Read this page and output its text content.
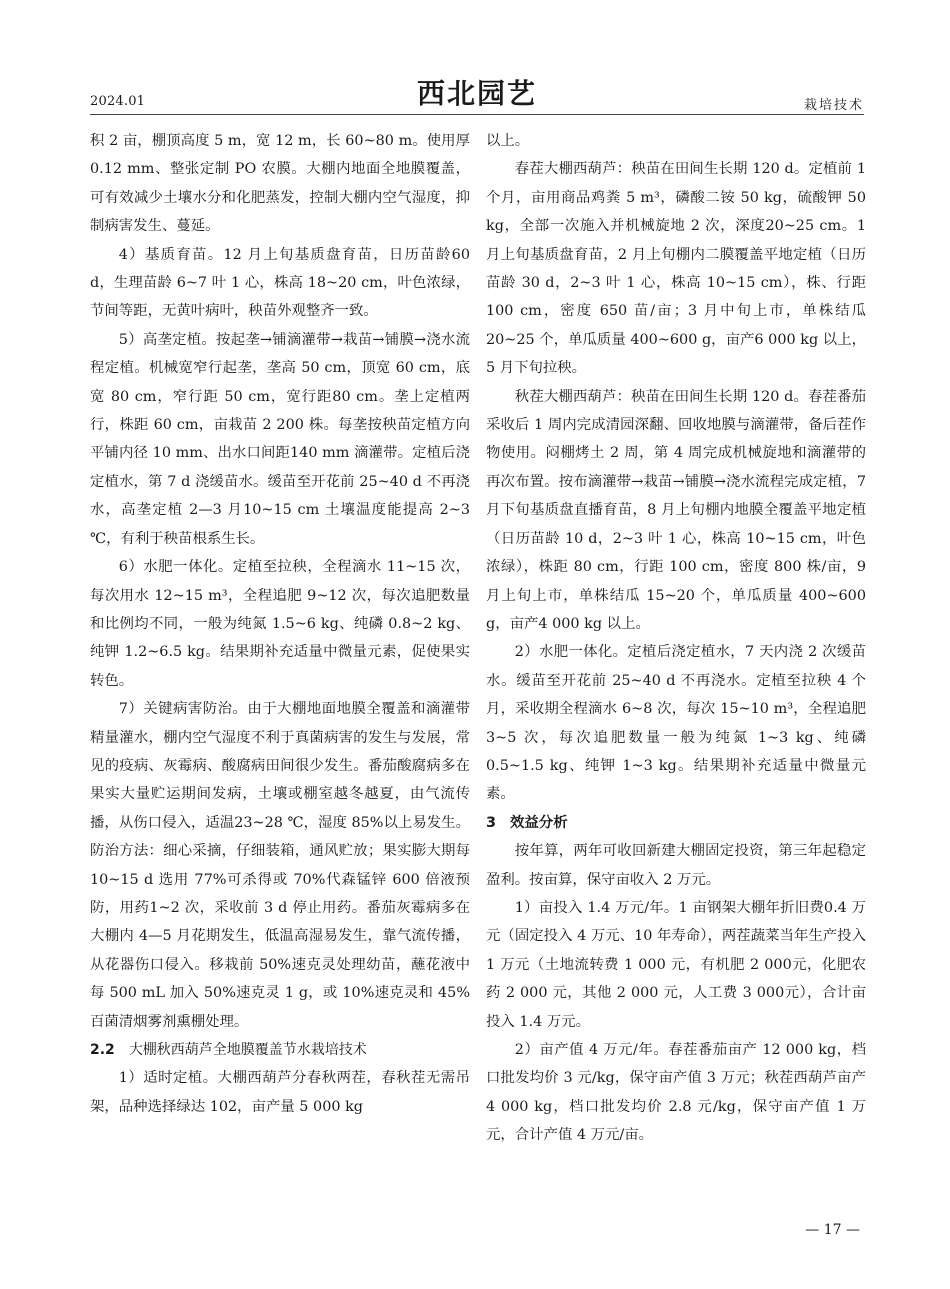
2024.01	西北园艺	栽培技术

积 2 亩，棚顶高度 5 m，宽 12 m，长 60~80 m。使用厚 0.12 mm、整张定制 PO 农膜。大棚内地面全地膜覆盖，可有效减少土壤水分和化肥蒸发，控制大棚内空气湿度，抑制病害发生、蔓延。

4）基质育苗。12 月上旬基质盘育苗，日历苗龄60 d，生理苗龄 6~7 叶 1 心，株高 18~20 cm，叶色浓绿，节间等距，无黄叶病叶，秧苗外观整齐一致。

5）高垄定植。按起垄→铺滴灌带→栽苗→铺膜→浇水流程定植。机械宽窄行起垄，垄高 50 cm，顶宽 60 cm，底宽 80 cm，窄行距 50 cm，宽行距80 cm。垄上定植两行，株距 60 cm，亩栽苗 2 200 株。每垄按秧苗定植方向平铺内径 10 mm、出水口间距140 mm 滴灌带。定植后浇定植水，第 7 d 浇缓苗水。缓苗至开花前 25~40 d 不再浇水，高垄定植 2—3 月10~15 cm 土壤温度能提高 2~3 ℃，有利于秧苗根系生长。

6）水肥一体化。定植至拉秧，全程滴水 11~15 次，每次用水 12~15 m³，全程追肥 9~12 次，每次追肥数量和比例均不同，一般为纯氮 1.5~6 kg、纯磷 0.8~2 kg、纯钾 1.2~6.5 kg。结果期补充适量中微量元素，促使果实转色。

7）关键病害防治。由于大棚地面地膜全覆盖和滴灌带精量灌水，棚内空气湿度不利于真菌病害的发生与发展，常见的疫病、灰霉病、酸腐病田间很少发生。番茄酸腐病多在果实大量贮运期间发病，土壤或棚室越冬越夏，由气流传播，从伤口侵入，适温23~28 ℃，湿度 85%以上易发生。防治方法：细心采摘，仔细装箱，通风贮放；果实膨大期每 10~15 d 选用 77%可杀得或 70%代森锰锌 600 倍液预防，用药1~2 次，采收前 3 d 停止用药。番茄灰霉病多在大棚内 4—5 月花期发生，低温高湿易发生，靠气流传播，从花器伤口侵入。移栽前 50%速克灵处理幼苗，蘸花液中每 500 mL 加入 50%速克灵 1 g，或 10%速克灵和 45%百菌清烟雾剂熏棚处理。

2.2 大棚秋西葫芦全地膜覆盖节水栽培技术

1）适时定植。大棚西葫芦分春秋两茬，春秋茬无需吊架，品种选择绿达 102，亩产量 5 000 kg

以上。

春茬大棚西葫芦：秧苗在田间生长期 120 d。定植前 1 个月，亩用商品鸡粪 5 m³，磷酸二铵 50 kg，硫酸钾 50 kg，全部一次施入并机械旋地 2 次，深度20~25 cm。1 月上旬基质盘育苗，2 月上旬棚内二膜覆盖平地定植（日历苗龄 30 d，2~3 叶 1 心，株高 10~15 cm），株、行距 100 cm，密度 650 苗/亩；3 月中旬上市，单株结瓜 20~25 个，单瓜质量 400~600 g，亩产6 000 kg 以上，5 月下旬拉秧。

秋茬大棚西葫芦：秧苗在田间生长期 120 d。春茬番茄采收后 1 周内完成清园深翻、回收地膜与滴灌带，备后茬作物使用。闷棚烤土 2 周，第 4 周完成机械旋地和滴灌带的再次布置。按布滴灌带→栽苗→铺膜→浇水流程完成定植，7 月下旬基质盘直播育苗，8 月上旬棚内地膜全覆盖平地定植（日历苗龄 10 d，2~3 叶 1 心，株高 10~15 cm，叶色浓绿），株距 80 cm，行距 100 cm，密度 800 株/亩，9 月上旬上市，单株结瓜 15~20 个，单瓜质量 400~600 g，亩产4 000 kg 以上。

2）水肥一体化。定植后浇定植水，7 天内浇 2 次缓苗水。缓苗至开花前 25~40 d 不再浇水。定植至拉秧 4 个月，采收期全程滴水 6~8 次，每次 15~10 m³，全程追肥 3~5 次，每次追肥数量一般为纯氮 1~3 kg、纯磷 0.5~1.5 kg、纯钾 1~3 kg。结果期补充适量中微量元素。

3 效益分析

按年算，两年可收回新建大棚固定投资，第三年起稳定盈利。按亩算，保守亩收入 2 万元。

1）亩投入 1.4 万元/年。1 亩钢架大棚年折旧费0.4 万元（固定投入 4 万元、10 年寿命），两茬蔬菜当年生产投入 1 万元（土地流转费 1 000 元，有机肥 2 000元，化肥农药 2 000 元，其他 2 000 元，人工费 3 000元），合计亩投入 1.4 万元。

2）亩产值 4 万元/年。春茬番茄亩产 12 000 kg，档口批发均价 3 元/kg，保守亩产值 3 万元；秋茬西葫芦亩产 4 000 kg，档口批发均价 2.8 元/kg，保守亩产值 1 万元，合计产值 4 万元/亩。

— 17 —
